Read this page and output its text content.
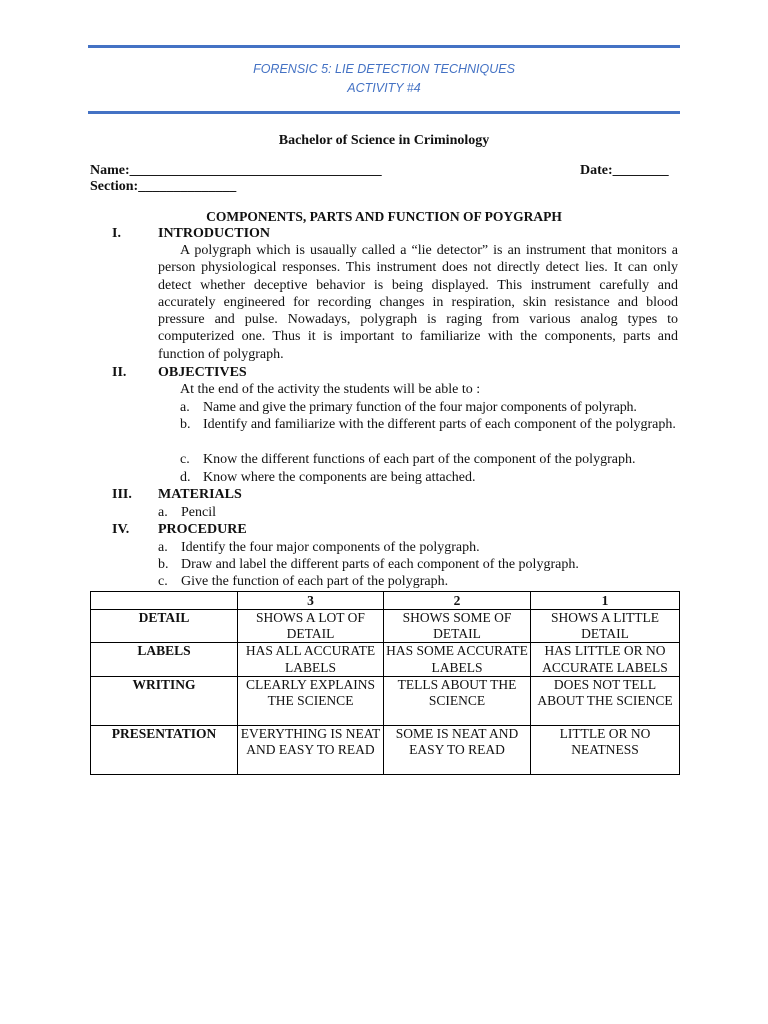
FORENSIC 5: LIE DETECTION TECHNIQUES
ACTIVITY #4
Bachelor of Science in Criminology
Name:____________________________________	Date:________
Section:______________
COMPONENTS, PARTS AND FUNCTION OF POYGRAPH
I.	INTRODUCTION
A polygraph which is usaually called a “lie detector” is an instrument that monitors a person physiological responses. This instrument does not directly detect lies. It can only detect whether deceptive behavior is being displayed. This instrument carefully and accurately engineered for recording changes in respiration, skin resistance and blood pressure and pulse. Nowadays, polygraph is raging from various analog types to computerized one. Thus it is important to familiarize with the components, parts and function of polygraph.
II. OBJECTIVES
At the end of the activity the students will be able to :
a. Name and give the primary function of the four major components of polyraph.
b. Identify and familiarize with the different parts of each component of the polygraph.
c. Know the different functions of each part of the component of the polygraph.
d. Know where the components are being attached.
III. MATERIALS
a. Pencil
IV. PROCEDURE
a. Identify the four major components of the polygraph.
b. Draw and label the different parts of each component of the polygraph.
c. Give the function of each part of the polygraph.
	3	2	1
DETAIL	SHOWS A LOT OF DETAIL	SHOWS SOME OF DETAIL	SHOWS A LITTLE DETAIL
LABELS	HAS ALL ACCURATE LABELS	HAS SOME ACCURATE LABELS	HAS LITTLE OR NO ACCURATE LABELS
WRITING	CLEARLY EXPLAINS THE SCIENCE	TELLS ABOUT THE SCIENCE	DOES NOT TELL ABOUT THE SCIENCE
PRESENTATION	EVERYTHING IS NEAT AND EASY TO READ	SOME IS NEAT AND EASY TO READ	LITTLE OR NO NEATNESS
